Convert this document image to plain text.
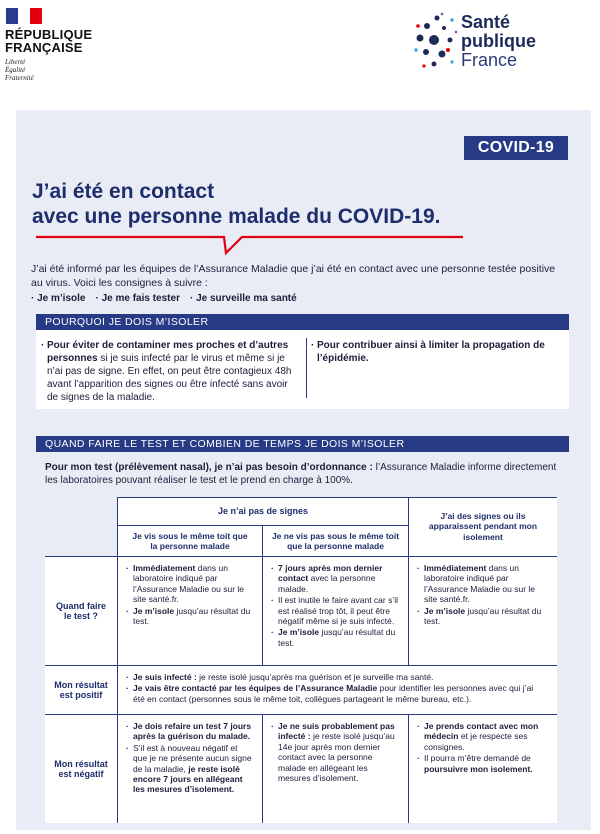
RÉPUBLIQUE
FRANÇAISE
Liberté
Égalité
Fraternité
Santé
publique
France
COVID-19
J’ai été en contact
avec une personne malade du COVID-19.
J’ai été informé par les équipes de l’Assurance Maladie que j’ai été en contact avec une personne testée positive au virus. Voici les consignes à suivre :
· Je m’isole	· Je me fais tester	· Je surveille ma santé
POURQUOI JE DOIS M’ISOLER
· Pour éviter de contaminer mes proches et d’autres personnes si je suis infecté par le virus et même si je n’ai pas de signe. En effet, on peut être contagieux 48h avant l’apparition des signes ou être infecté sans avoir de signes de la maladie.
· Pour contribuer ainsi à limiter la propagation de l’épidémie.
QUAND FAIRE LE TEST ET COMBIEN DE TEMPS JE DOIS M’ISOLER
Pour mon test (prélèvement nasal), je n’ai pas besoin d’ordonnance : l’Assurance Maladie informe directement les laboratoires pouvant réaliser le test et le prend en charge à 100%.
Je n’ai pas de signes
Je vis sous le même toit que la personne malade
Je ne vis pas sous le même toit que la personne malade
J’ai des signes ou ils apparaissent pendant mon isolement
Quand faire le test ?
Mon résultat est positif
Mon résultat est négatif
· Immédiatement dans un laboratoire indiqué par l’Assurance Maladie ou sur le site santé.fr.
· Je m’isole jusqu’au résultat du test.
· 7 jours après mon dernier contact avec la personne malade.
· Il est inutile le faire avant car s’il est réalisé trop tôt, il peut être négatif même si je suis infecté.
· Je m’isole jusqu’au résultat du test.
· Immédiatement dans un laboratoire indiqué par l’Assurance Maladie ou sur le site santé.fr.
· Je m’isole jusqu’au résultat du test.
· Je suis infecté : je reste isolé jusqu’après ma guérison et je surveille ma santé.
· Je vais être contacté par les équipes de l’Assurance Maladie pour identifier les personnes avec qui j’ai été en contact (personnes sous le même toit, collègues partageant le même bureau, etc.).
· Je dois refaire un test 7 jours après la guérison du malade.
· S’il est à nouveau négatif et que je ne présente aucun signe de la maladie, je reste isolé encore 7 jours en allégeant les mesures d’isolement.
· Je ne suis probablement pas infecté : je reste isolé jusqu’au 14e jour après mon dernier contact avec la personne malade en allégeant les mesures d’isolement.
· Je prends contact avec mon médecin et je respecte ses consignes.
· Il pourra m’être demandé de poursuivre mon isolement.
